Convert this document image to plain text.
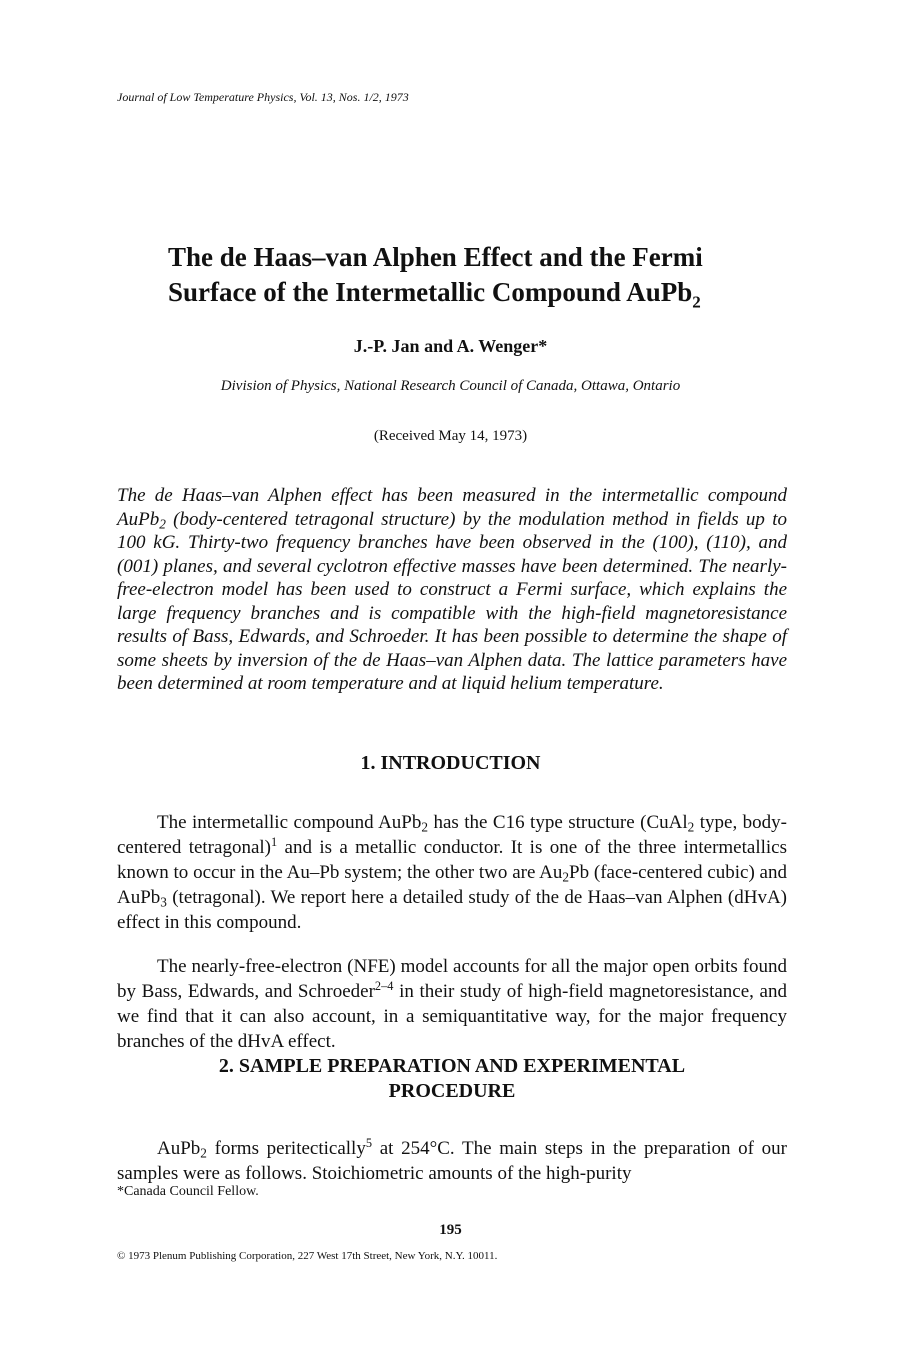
Journal of Low Temperature Physics, Vol. 13, Nos. 1/2, 1973
The de Haas–van Alphen Effect and the Fermi
Surface of the Intermetallic Compound AuPb$_2$
J.-P. Jan and A. Wenger*
Division of Physics, National Research Council of Canada, Ottawa, Ontario
(Received May 14, 1973)

The de Haas–van Alphen effect has been measured in the intermetallic compound AuPb$_2$ (body-centered tetragonal structure) by the modulation method in fields up to 100 kG. Thirty-two frequency branches have been observed in the (100), (110), and (001) planes, and several cyclotron effective masses have been determined. The nearly-free-electron model has been used to construct a Fermi surface, which explains the large frequency branches and is compatible with the high-field magnetoresistance results of Bass, Edwards, and Schroeder. It has been possible to determine the shape of some sheets by inversion of the de Haas–van Alphen data. The lattice parameters have been determined at room temperature and at liquid helium temperature.

1. INTRODUCTION

The intermetallic compound AuPb$_2$ has the C16 type structure (CuAl$_2$ type, body-centered tetragonal)$^1$ and is a metallic conductor. It is one of the three intermetallics known to occur in the Au–Pb system; the other two are $Au_2Pb$ (face-centered cubic) and AuPb$_3$ (tetragonal). We report here a detailed study of the de Haas–van Alphen (dHvA) effect in this compound.

The nearly-free-electron (NFE) model accounts for all the major open orbits found by Bass, Edwards, and Schroeder$^{2-4}$ in their study of high-field magnetoresistance, and we find that it can also account, in a semiquantitative way, for the major frequency branches of the dHvA effect.

2. SAMPLE PREPARATION AND EXPERIMENTAL
PROCEDURE

AuPb$_2$ forms peritectically$^5$ at 254°C. The main steps in the preparation of our samples were as follows. Stoichiometric amounts of the high-purity

*Canada Council Fellow.
195
© 1973 Plenum Publishing Corporation, 227 West 17th Street, New York, N.Y. 10011.
